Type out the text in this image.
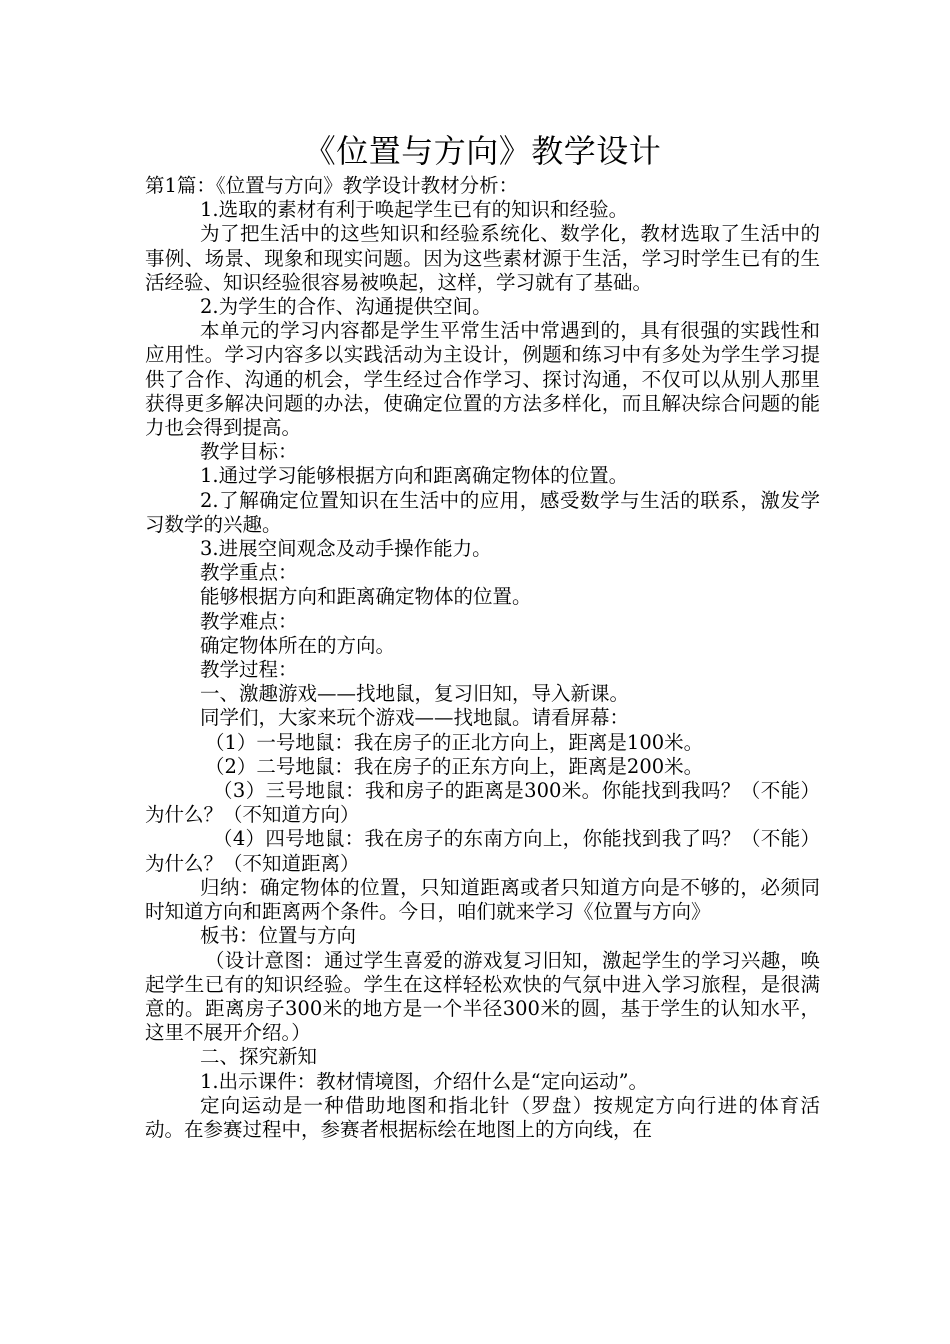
《位置与方向》教学设计

第1篇：《位置与方向》教学设计教材分析：

1.选取的素材有利于唤起学生已有的知识和经验。

为了把生活中的这些知识和经验系统化、数学化，教材选取了生活中的事例、场景、现象和现实问题。因为这些素材源于生活，学习时学生已有的生活经验、知识经验很容易被唤起，这样，学习就有了基础。

2.为学生的合作、沟通提供空间。

本单元的学习内容都是学生平常生活中常遇到的，具有很强的实践性和应用性。学习内容多以实践活动为主设计，例题和练习中有多处为学生学习提供了合作、沟通的机会，学生经过合作学习、探讨沟通，不仅可以从别人那里获得更多解决问题的办法，使确定位置的方法多样化，而且解决综合问题的能力也会得到提高。

教学目标：

1.通过学习能够根据方向和距离确定物体的位置。

2.了解确定位置知识在生活中的应用，感受数学与生活的联系，激发学习数学的兴趣。

3.进展空间观念及动手操作能力。

教学重点：

能够根据方向和距离确定物体的位置。

教学难点：

确定物体所在的方向。

教学过程：

一、激趣游戏——找地鼠，复习旧知，导入新课。

同学们，大家来玩个游戏——找地鼠。请看屏幕：

（1）一号地鼠：我在房子的正北方向上，距离是100米。

（2）二号地鼠：我在房子的正东方向上，距离是200米。

（3）三号地鼠：我和房子的距离是300米。你能找到我吗？（不能）为什么？（不知道方向）

（4）四号地鼠：我在房子的东南方向上，你能找到我了吗？（不能）为什么？（不知道距离）

归纳：确定物体的位置，只知道距离或者只知道方向是不够的，必须同时知道方向和距离两个条件。今日，咱们就来学习《位置与方向》

板书：位置与方向

（设计意图：通过学生喜爱的游戏复习旧知，激起学生的学习兴趣，唤起学生已有的知识经验。学生在这样轻松欢快的气氛中进入学习旅程，是很满意的。距离房子300米的地方是一个半径300米的圆，基于学生的认知水平，这里不展开介绍。）

二、探究新知

1.出示课件：教材情境图，介绍什么是“定向运动”。

定向运动是一种借助地图和指北针（罗盘）按规定方向行进的体育活动。在参赛过程中，参赛者根据标绘在地图上的方向线，在
